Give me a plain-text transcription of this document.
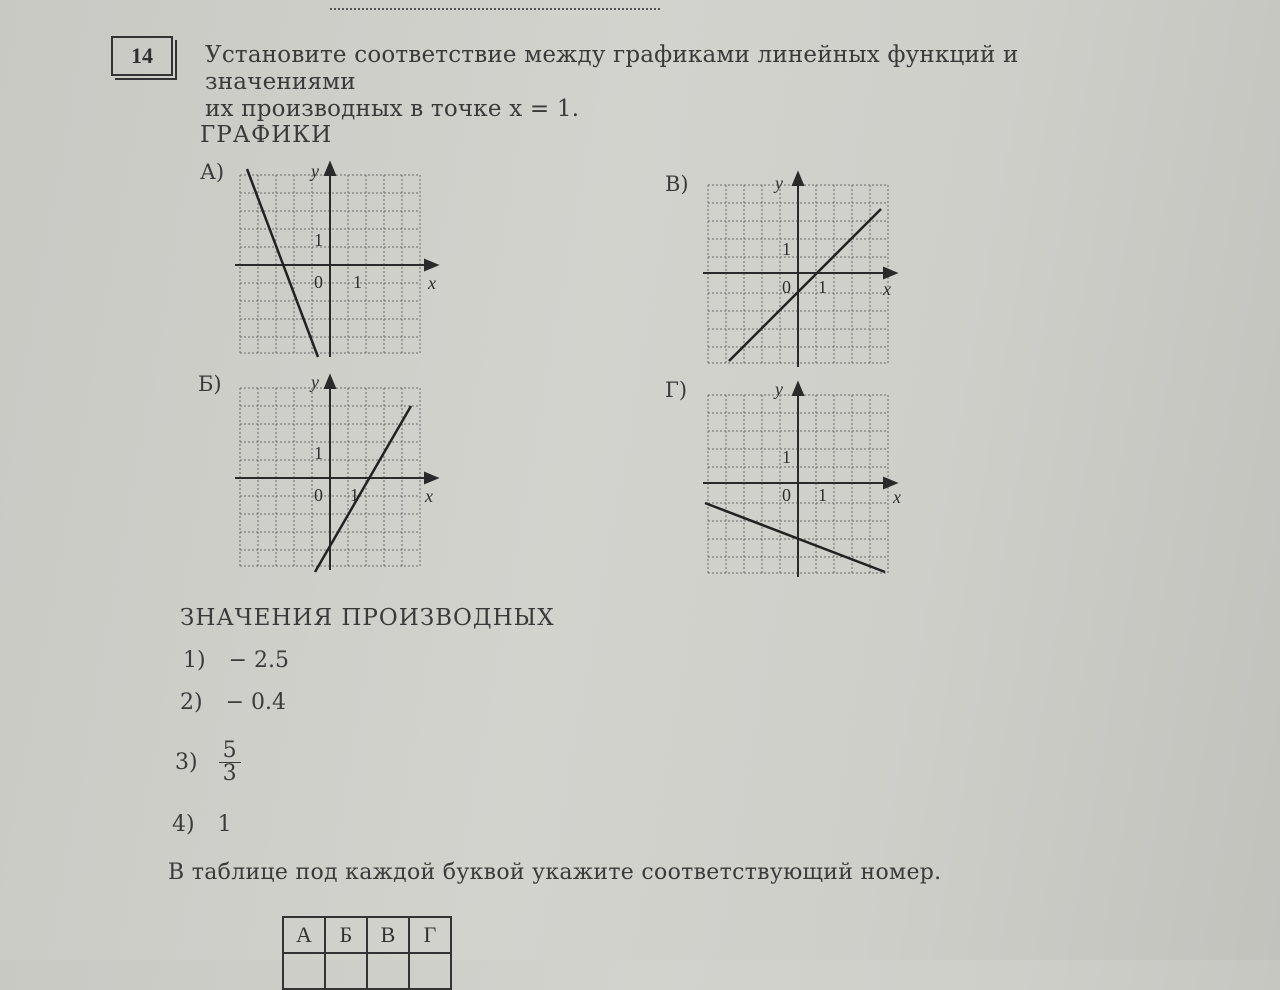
14	Установите соответствие между графиками линейных функций и значениями
их производных в точке x = 1.
ГРАФИКИ
А)
Б)
В)
Г)
y
x
0 1
1
y
x
0 1
1
y
x
0 1
1
y
x
0 1
1
ЗНАЧЕНИЯ ПРОИЗВОДНЫХ
1) − 2.5
2) − 0.4
$3) \frac{5}{3}$
4) 1
В таблице под каждой буквой укажите соответствующий номер.
А	Б	В	Г
